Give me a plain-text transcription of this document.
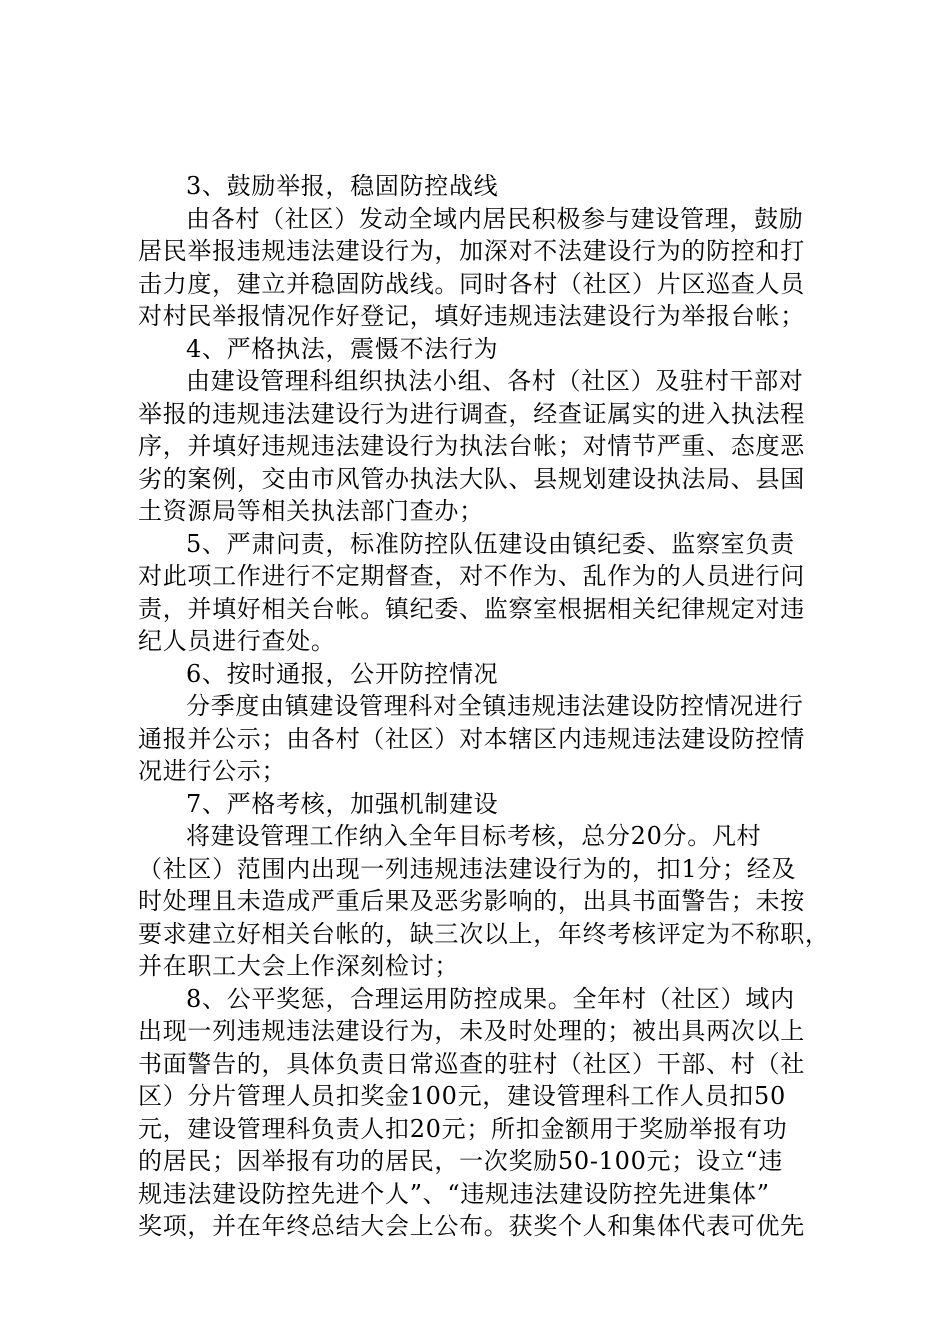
3、鼓励举报，稳固防控战线
由各村（社区）发动全域内居民积极参与建设管理，鼓励
居民举报违规违法建设行为，加深对不法建设行为的防控和打
击力度，建立并稳固防战线。同时各村（社区）片区巡查人员
对村民举报情况作好登记，填好违规违法建设行为举报台帐；
4、严格执法，震慑不法行为
由建设管理科组织执法小组、各村（社区）及驻村干部对
举报的违规违法建设行为进行调查，经查证属实的进入执法程
序，并填好违规违法建设行为执法台帐；对情节严重、态度恶
劣的案例，交由市风管办执法大队、县规划建设执法局、县国
土资源局等相关执法部门查办；
5、严肃问责，标准防控队伍建设由镇纪委、监察室负责
对此项工作进行不定期督查，对不作为、乱作为的人员进行问
责，并填好相关台帐。镇纪委、监察室根据相关纪律规定对违
纪人员进行查处。
6、按时通报，公开防控情况
分季度由镇建设管理科对全镇违规违法建设防控情况进行
通报并公示；由各村（社区）对本辖区内违规违法建设防控情
况进行公示；
7、严格考核，加强机制建设
将建设管理工作纳入全年目标考核，总分20分。凡村
（社区）范围内出现一列违规违法建设行为的，扣1分；经及
时处理且未造成严重后果及恶劣影响的，出具书面警告；未按
要求建立好相关台帐的，缺三次以上，年终考核评定为不称职，
并在职工大会上作深刻检讨；
8、公平奖惩，合理运用防控成果。全年村（社区）域内
出现一列违规违法建设行为，未及时处理的；被出具两次以上
书面警告的，具体负责日常巡查的驻村（社区）干部、村（社
区）分片管理人员扣奖金100元，建设管理科工作人员扣50
元，建设管理科负责人扣20元；所扣金额用于奖励举报有功
的居民；因举报有功的居民，一次奖励50-100元；设立“违
规违法建设防控先进个人”、“违规违法建设防控先进集体”
奖项，并在年终总结大会上公布。获奖个人和集体代表可优先
